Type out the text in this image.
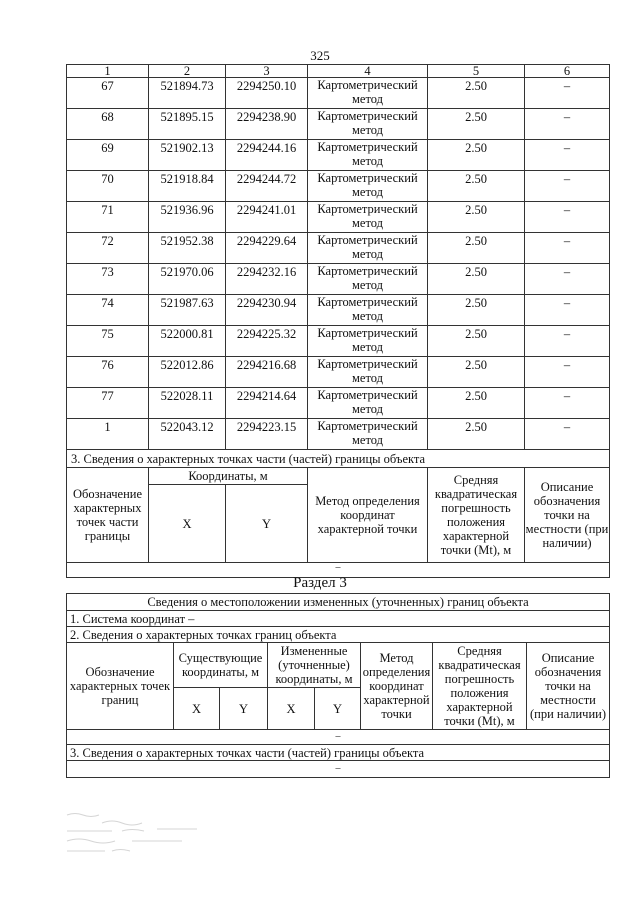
325
1	2	3	4	5	6
67	521894.73	2294250.10	Картометрический метод	2.50	–
68	521895.15	2294238.90	Картометрический метод	2.50	–
69	521902.13	2294244.16	Картометрический метод	2.50	–
70	521918.84	2294244.72	Картометрический метод	2.50	–
71	521936.96	2294241.01	Картометрический метод	2.50	–
72	521952.38	2294229.64	Картометрический метод	2.50	–
73	521970.06	2294232.16	Картометрический метод	2.50	–
74	521987.63	2294230.94	Картометрический метод	2.50	–
75	522000.81	2294225.32	Картометрический метод	2.50	–
76	522012.86	2294216.68	Картометрический метод	2.50	–
77	522028.11	2294214.64	Картометрический метод	2.50	–
1	522043.12	2294223.15	Картометрический метод	2.50	–
3. Сведения о характерных точках части (частей) границы объекта					
Обозначение характерных точек части границы	Координаты, м		Метод определения координат характерной точки	Средняя квадратическая погрешность положения характерной точки (Mt), м	Описание обозначения точки на местности (при наличии)
	X	Y			
–					
Раздел 3
Сведения о местоположении измененных (уточненных) границ объекта							
1. Система координат –							
2. Сведения о характерных точках границ объекта							
Обозначение характерных точек границ	Существующие координаты, м		Измененные (уточненные) координаты, м		Метод определения координат характерной точки	Средняя квадратическая погрешность положения характерной точки (Mt), м	Описание обозначения точки на местности (при наличии)
	X	Y	X	Y			
–							
3. Сведения о характерных точках части (частей) границы объекта							
–							
